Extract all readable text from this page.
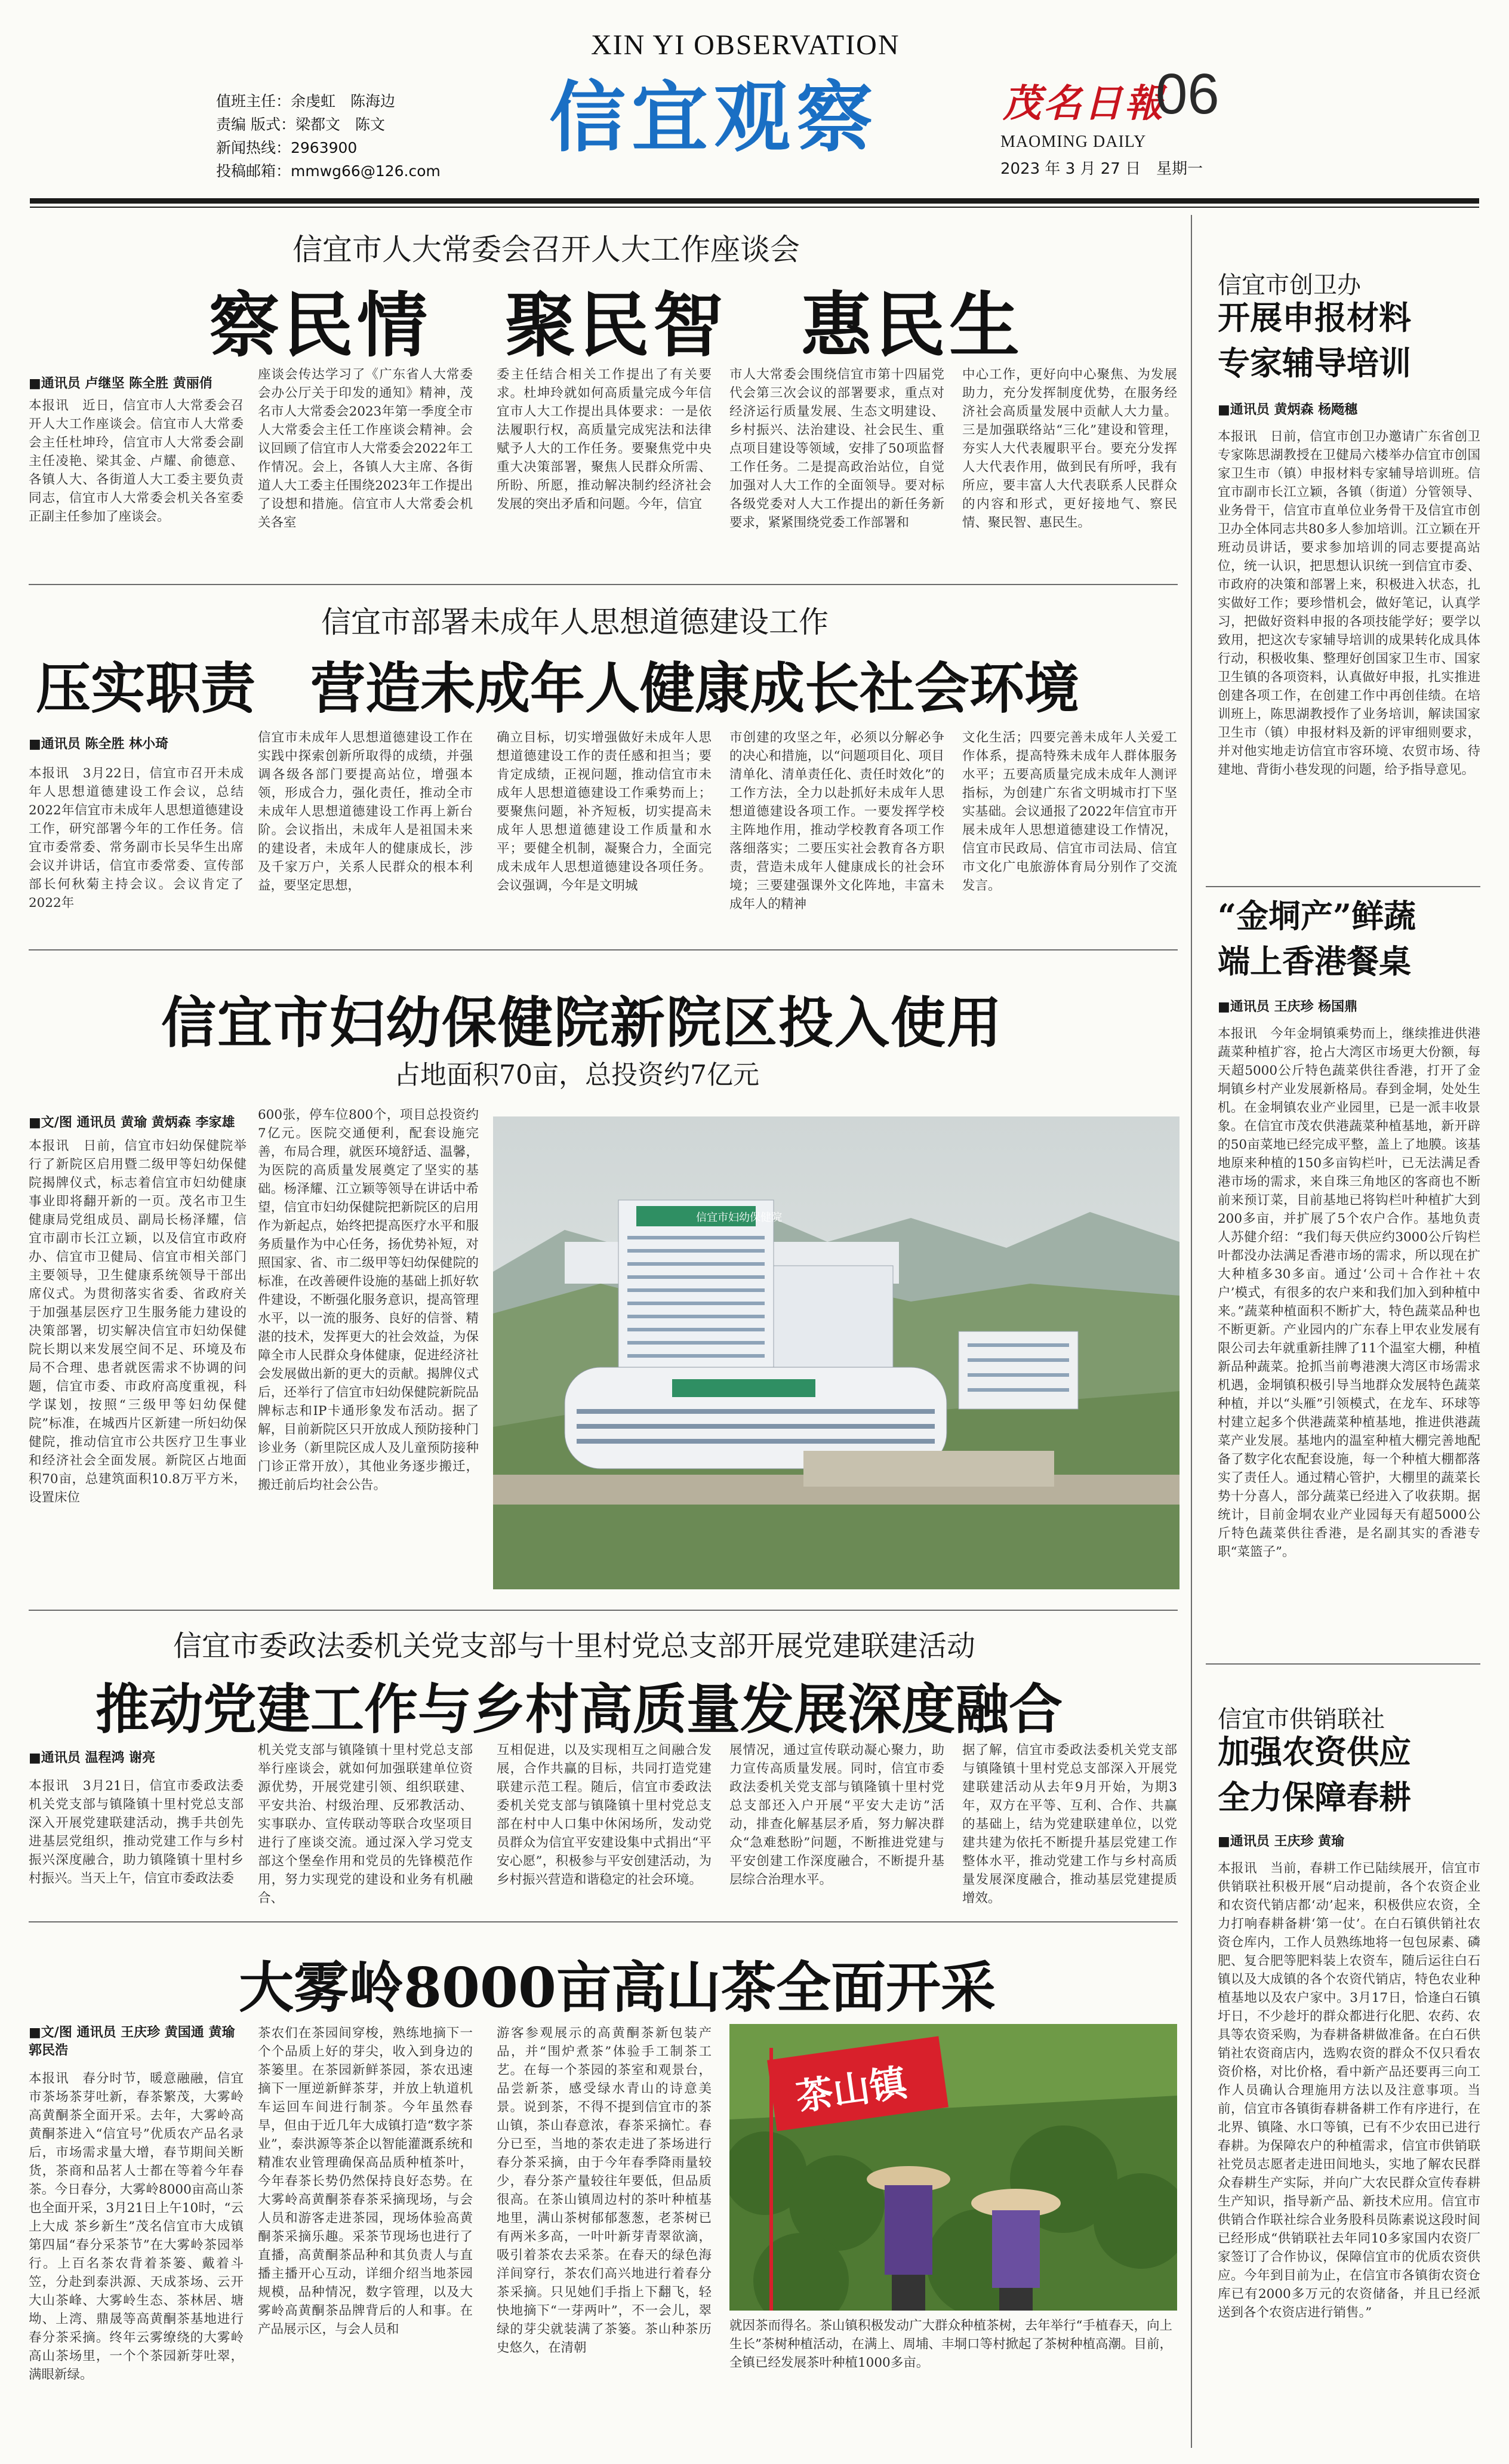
值班主任：余虔虹　陈海边
责编 版式：梁都文　陈文
新闻热线：2963900
投稿邮箱：mmwg66@126.com
XIN YI OBSERVATION
信宜观察	茂名日報
06
MAOMING DAILY
2023 年 3 月 27 日　星期一
信宜市人大常委会召开人大工作座谈会
察民情　聚民智　惠民生
■通讯员 卢继坚 陈全胜 黄丽俏
本报讯　近日，信宜市人大常委会召开人大工作座谈会。信宜市人大常委会主任杜坤玲，信宜市人大常委会副主任凌艳、梁其金、卢耀、俞德意、各镇人大、各街道人大工委主要负责同志，信宜市人大常委会机关各室委正副主任参加了座谈会。
座谈会传达学习了《广东省人大常委会办公厅关于印发的通知》精神，茂名市人大常委会2023年第一季度全市人大常委会主任工作座谈会精神。会议回顾了信宜市人大常委会2022年工作情况。会上，各镇人大主席、各街道人大工委主任围绕2023年工作提出了设想和措施。信宜市人大常委会机关各室
委主任结合相关工作提出了有关要求。杜坤玲就如何高质量完成今年信宜市人大工作提出具体要求：一是依法履职行权，高质量完成宪法和法律赋予人大的工作任务。要聚焦党中央重大决策部署，聚焦人民群众所需、所盼、所愿，推动解决制约经济社会发展的突出矛盾和问题。今年，信宜
市人大常委会围绕信宜市第十四届党代会第三次会议的部署要求，重点对经济运行质量发展、生态文明建设、乡村振兴、法治建设、社会民生、重点项目建设等领域，安排了50项监督工作任务。二是提高政治站位，自觉加强对人大工作的全面领导。要对标各级党委对人大工作提出的新任务新要求，紧紧围绕党委工作部署和
中心工作，更好向中心聚焦、为发展助力，充分发挥制度优势，在服务经济社会高质量发展中贡献人大力量。三是加强联络站“三化”建设和管理，夯实人大代表履职平台。要充分发挥人大代表作用，做到民有所呼，我有所应，要丰富人大代表联系人民群众的内容和形式，更好接地气、察民情、聚民智、惠民生。
信宜市部署未成年人思想道德建设工作
压实职责　营造未成年人健康成长社会环境
■通讯员 陈全胜 林小琦
本报讯　3月22日，信宜市召开未成年人思想道德建设工作会议，总结2022年信宜市未成年人思想道德建设工作，研究部署今年的工作任务。信宜市委常委、常务副市长吴华生出席会议并讲话，信宜市委常委、宣传部部长何秋菊主持会议。会议肯定了2022年
信宜市未成年人思想道德建设工作在实践中探索创新所取得的成绩，并强调各级各部门要提高站位，增强本领，形成合力，强化责任，推动全市未成年人思想道德建设工作再上新台阶。会议指出，未成年人是祖国未来的建设者，未成年人的健康成长，涉及千家万户，关系人民群众的根本利益，要坚定思想，
确立目标，切实增强做好未成年人思想道德建设工作的责任感和担当；要肯定成绩，正视问题，推动信宜市未成年人思想道德建设工作乘势而上；要聚焦问题，补齐短板，切实提高未成年人思想道德建设工作质量和水平；要健全机制，凝聚合力，全面完成未成年人思想道德建设各项任务。会议强调，今年是文明城
市创建的攻坚之年，必须以分解必争的决心和措施，以“问题项目化、项目清单化、清单责任化、责任时效化”的工作方法，全力以赴抓好未成年人思想道德建设各项工作。一要发挥学校主阵地作用，推动学校教育各项工作落细落实；二要压实社会教育各方职责，营造未成年人健康成长的社会环境；三要建强课外文化阵地，丰富未成年人的精神
文化生活；四要完善未成年人关爱工作体系，提高特殊未成年人群体服务水平；五要高质量完成未成年人测评指标，为创建广东省文明城市打下坚实基础。会议通报了2022年信宜市开展未成年人思想道德建设工作情况，信宜市民政局、信宜市司法局、信宜市文化广电旅游体育局分别作了交流发言。
信宜市妇幼保健院新院区投入使用
占地面积70亩，总投资约7亿元
■文/图 通讯员 黄瑜 黄炳森 李家雄
本报讯　日前，信宜市妇幼保健院举行了新院区启用暨二级甲等妇幼保健院揭牌仪式，标志着信宜市妇幼健康事业即将翻开新的一页。茂名市卫生健康局党组成员、副局长杨泽耀，信宜市副市长江立颖，以及信宜市政府办、信宜市卫健局、信宜市相关部门主要领导，卫生健康系统领导干部出席仪式。为贯彻落实省委、省政府关于加强基层医疗卫生服务能力建设的决策部署，切实解决信宜市妇幼保健院长期以来发展空间不足、环境及布局不合理、患者就医需求不协调的问题，信宜市委、市政府高度重视，科学谋划，按照“三级甲等妇幼保健院”标准，在城西片区新建一所妇幼保健院，推动信宜市公共医疗卫生事业和经济社会全面发展。新院区占地面积70亩，总建筑面积10.8万平方米，设置床位
600张，停车位800个，项目总投资约7亿元。医院交通便利，配套设施完善，布局合理，就医环境舒适、温馨，为医院的高质量发展奠定了坚实的基础。杨泽耀、江立颖等领导在讲话中希望，信宜市妇幼保健院把新院区的启用作为新起点，始终把提高医疗水平和服务质量作为中心任务，扬优势补短，对照国家、省、市二级甲等妇幼保健院的标准，在改善硬件设施的基础上抓好软件建设，不断强化服务意识，提高管理水平，以一流的服务、良好的信誉、精湛的技术，发挥更大的社会效益，为保障全市人民群众身体健康，促进经济社会发展做出新的更大的贡献。揭牌仪式后，还举行了信宜市妇幼保健院新院品牌标志和IP卡通形象发布活动。据了解，目前新院区只开放成人预防接种门诊业务（新里院区成人及儿童预防接种门诊正常开放），其他业务逐步搬迁，搬迁前后均社会公告。
信宜市妇幼保健院
信宜市委政法委机关党支部与十里村党总支部开展党建联建活动
推动党建工作与乡村高质量发展深度融合
■通讯员 温程鸿 谢亮
本报讯　3月21日，信宜市委政法委机关党支部与镇隆镇十里村党总支部深入开展党建联建活动，携手共创先进基层党组织，推动党建工作与乡村振兴深度融合，助力镇隆镇十里村乡村振兴。当天上午，信宜市委政法委
机关党支部与镇隆镇十里村党总支部举行座谈会，就如何加强联建单位资源优势，开展党建引领、组织联建、平安共治、村级治理、反邪教活动、实事联办、宣传联动等联合攻坚项目进行了座谈交流。通过深入学习党支部这个堡垒作用和党员的先锋模范作用，努力实现党的建设和业务有机融合、
互相促进，以及实现相互之间融合发展，合作共赢的目标，共同打造党建联建示范工程。随后，信宜市委政法委机关党支部与镇隆镇十里村党总支部在村中人口集中休闲场所，发动党员群众为信宜平安建设集中式捐出“平安心愿”，积极参与平安创建活动，为乡村振兴营造和谐稳定的社会环境。
展情况，通过宣传联动凝心聚力，助力宣传高质量发展。同时，信宜市委政法委机关党支部与镇隆镇十里村党总支部还入户开展“平安大走访”活动，排查化解基层矛盾，努力解决群众“急难愁盼”问题，不断推进党建与平安创建工作深度融合，不断提升基层综合治理水平。
据了解，信宜市委政法委机关党支部与镇隆镇十里村党总支部深入开展党建联建活动从去年9月开始，为期3年，双方在平等、互利、合作、共赢的基础上，结为党建联建单位，以党建共建为依托不断提升基层党建工作整体水平，推动党建工作与乡村高质量发展深度融合，推动基层党建提质增效。
大雾岭8000亩高山茶全面开采
■文/图 通讯员 王庆珍 黄国通 黄瑜 郭民浩
本报讯　春分时节，暖意融融，信宜市茶场茶芽吐新，春茶繁茂，大雾岭高黄酮茶全面开采。去年，大雾岭高黄酮茶进入“信宜号”优质农产品名录后，市场需求量大增，春节期间关断货，茶商和品茗人士都在等着今年春茶。今日春分，大雾岭8000亩高山茶也全面开采，3月21日上午10时，“云上大成 茶乡新生”茂名信宜市大成镇第四届“春分采茶节”在大雾岭茶园举行。上百名茶农背着茶篓、戴着斗笠，分赴到泰洪源、天成茶场、云开大山茶峰、大雾岭生态、茶林居、塘坳、上湾、鼎晟等高黄酮茶基地进行春分茶采摘。终年云雾缭绕的大雾岭高山茶场里，一个个茶园新芽吐翠，满眼新绿。
茶农们在茶园间穿梭，熟练地摘下一个个品质上好的芽尖，收入到身边的茶篓里。在茶园新鲜茶园，茶农迅速摘下一厘逆新鲜茶芽，并放上轨道机车运回车间进行制茶。今年虽然春旱，但由于近几年大成镇打造“数字茶业”，泰洪源等茶企以智能灌溉系统和精准农业管理确保高品质种植茶叶，今年春茶长势仍然保持良好态势。在大雾岭高黄酮茶春茶采摘现场，与会人员和游客走进茶园，现场体验高黄酮茶采摘乐趣。采茶节现场也进行了直播，高黄酮茶品种和其负责人与直播主播开心互动，详细介绍当地茶园规模，品种情况，数字管理，以及大雾岭高黄酮茶品牌背后的人和事。在产品展示区，与会人员和
游客参观展示的高黄酮茶新包装产品，并“围炉煮茶”体验手工制茶工艺。在每一个茶园的茶室和观景台，品尝新茶，感受绿水青山的诗意美景。说到茶，不得不提到信宜市的茶山镇，茶山春意浓，春茶采摘忙。春分已至，当地的茶农走进了茶场进行春分茶采摘，由于今年春季降雨量较少，春分茶产量较往年要低，但品质很高。在茶山镇周边村的茶叶种植基地里，满山茶树郁郁葱葱，老茶树已有两米多高，一叶叶新芽青翠欲滴，吸引着茶农去采茶。在春天的绿色海洋间穿行，茶农们高兴地进行着春分茶采摘。只见她们手指上下翻飞，轻快地摘下“一芽两叶”，不一会儿，翠绿的芽尖就装满了茶篓。茶山种茶历史悠久，在清朝
茶山镇
就因茶而得名。茶山镇积极发动广大群众种植茶树，去年举行“手植春天，向上生长”茶树种植活动，在满上、周埔、丰垌口等村掀起了茶树种植高潮。目前，全镇已经发展茶叶种植1000多亩。
信宜市创卫办
开展申报材料
专家辅导培训
■通讯员 黄炳森 杨飏穗
本报讯　日前，信宜市创卫办邀请广东省创卫专家陈思湖教授在卫健局六楼举办信宜市创国家卫生市（镇）申报材料专家辅导培训班。信宜市副市长江立颖，各镇（街道）分管领导、业务骨干，信宜市直单位业务骨干及信宜市创卫办全体同志共80多人参加培训。江立颖在开班动员讲话，要求参加培训的同志要提高站位，统一认识，把思想认识统一到信宜市委、市政府的决策和部署上来，积极进入状态，扎实做好工作；要珍惜机会，做好笔记，认真学习，把做好资料申报的各项技能学好；要学以致用，把这次专家辅导培训的成果转化成具体行动，积极收集、整理好创国家卫生市、国家卫生镇的各项资料，认真做好申报，扎实推进创建各项工作，在创建工作中再创佳绩。在培训班上，陈思湖教授作了业务培训，解读国家卫生市（镇）申报材料及新的评审细则要求，并对他实地走访信宜市容环境、农贸市场、待建地、背街小巷发现的问题，给予指导意见。
“金垌产”鲜蔬
端上香港餐桌
■通讯员 王庆珍 杨国鼎
本报讯　今年金垌镇乘势而上，继续推进供港蔬菜种植扩容，抢占大湾区市场更大份额，每天超5000公斤特色蔬菜供往香港，打开了金垌镇乡村产业发展新格局。春到金垌，处处生机。在金垌镇农业产业园里，已是一派丰收景象。在信宜市茂农供港蔬菜种植基地，新开辟的50亩菜地已经完成平整，盖上了地膜。该基地原来种植的150多亩钩栏叶，已无法满足香港市场的需求，来自珠三角地区的客商也不断前来预订菜，目前基地已将钩栏叶种植扩大到200多亩，并扩展了5个农户合作。基地负责人苏健介绍：“我们每天供应约3000公斤钩栏叶都没办法满足香港市场的需求，所以现在扩大种植多30多亩。通过‘公司＋合作社＋农户’模式，有很多的农户来和我们加入到种植中来。”蔬菜种植面积不断扩大，特色蔬菜品种也不断更新。产业园内的广东春上甲农业发展有限公司去年就重新挂牌了11个温室大棚，种植新品种蔬菜。抢抓当前粤港澳大湾区市场需求机遇，金垌镇积极引导当地群众发展特色蔬菜种植，并以“头雁”引领模式，在龙车、环球等村建立起多个供港蔬菜种植基地，推进供港蔬菜产业发展。基地内的温室种植大棚完善地配备了数字化农配套设施，每一个种植大棚都落实了责任人。通过精心管护，大棚里的蔬菜长势十分喜人，部分蔬菜已经进入了收获期。据统计，目前金垌农业产业园每天有超5000公斤特色蔬菜供往香港，是名副其实的香港专职“菜篮子”。
信宜市供销联社
加强农资供应
全力保障春耕
■通讯员 王庆珍 黄瑜
本报讯　当前，春耕工作已陆续展开，信宜市供销联社积极开展“启动提前，各个农资企业和农资代销店都‘动’起来，积极供应农资，全力打响春耕备耕‘第一仗’。在白石镇供销社农资仓库内，工作人员熟练地将一包包尿素、磷肥、复合肥等肥料装上农资车，随后运往白石镇以及大成镇的各个农资代销店，特色农业种植基地以及农户家中。3月17日，恰逢白石镇圩日，不少趁圩的群众都进行化肥、农药、农具等农资采购，为春耕备耕做准备。在白石供销社农资商店内，选购农资的群众不仅只看农资价格，对比价格，看中新产品还要再三向工作人员确认合理施用方法以及注意事项。当前，信宜市各镇街春耕备耕工作有序进行，在北界、镇隆、水口等镇，已有不少农田已进行春耕。为保障农户的种植需求，信宜市供销联社党员志愿者走进田间地头，实地了解农民群众春耕生产实际，并向广大农民群众宣传春耕生产知识，指导新产品、新技术应用。信宜市供销合作联社综合业务股科员陈素说这段时间已经形成“供销联社去年同10多家国内农资厂家签订了合作协议，保障信宜市的优质农资供应。今年到目前为止，在信宜市各镇街农资仓库已有2000多万元的农资储备，并且已经派送到各个农资店进行销售。”
